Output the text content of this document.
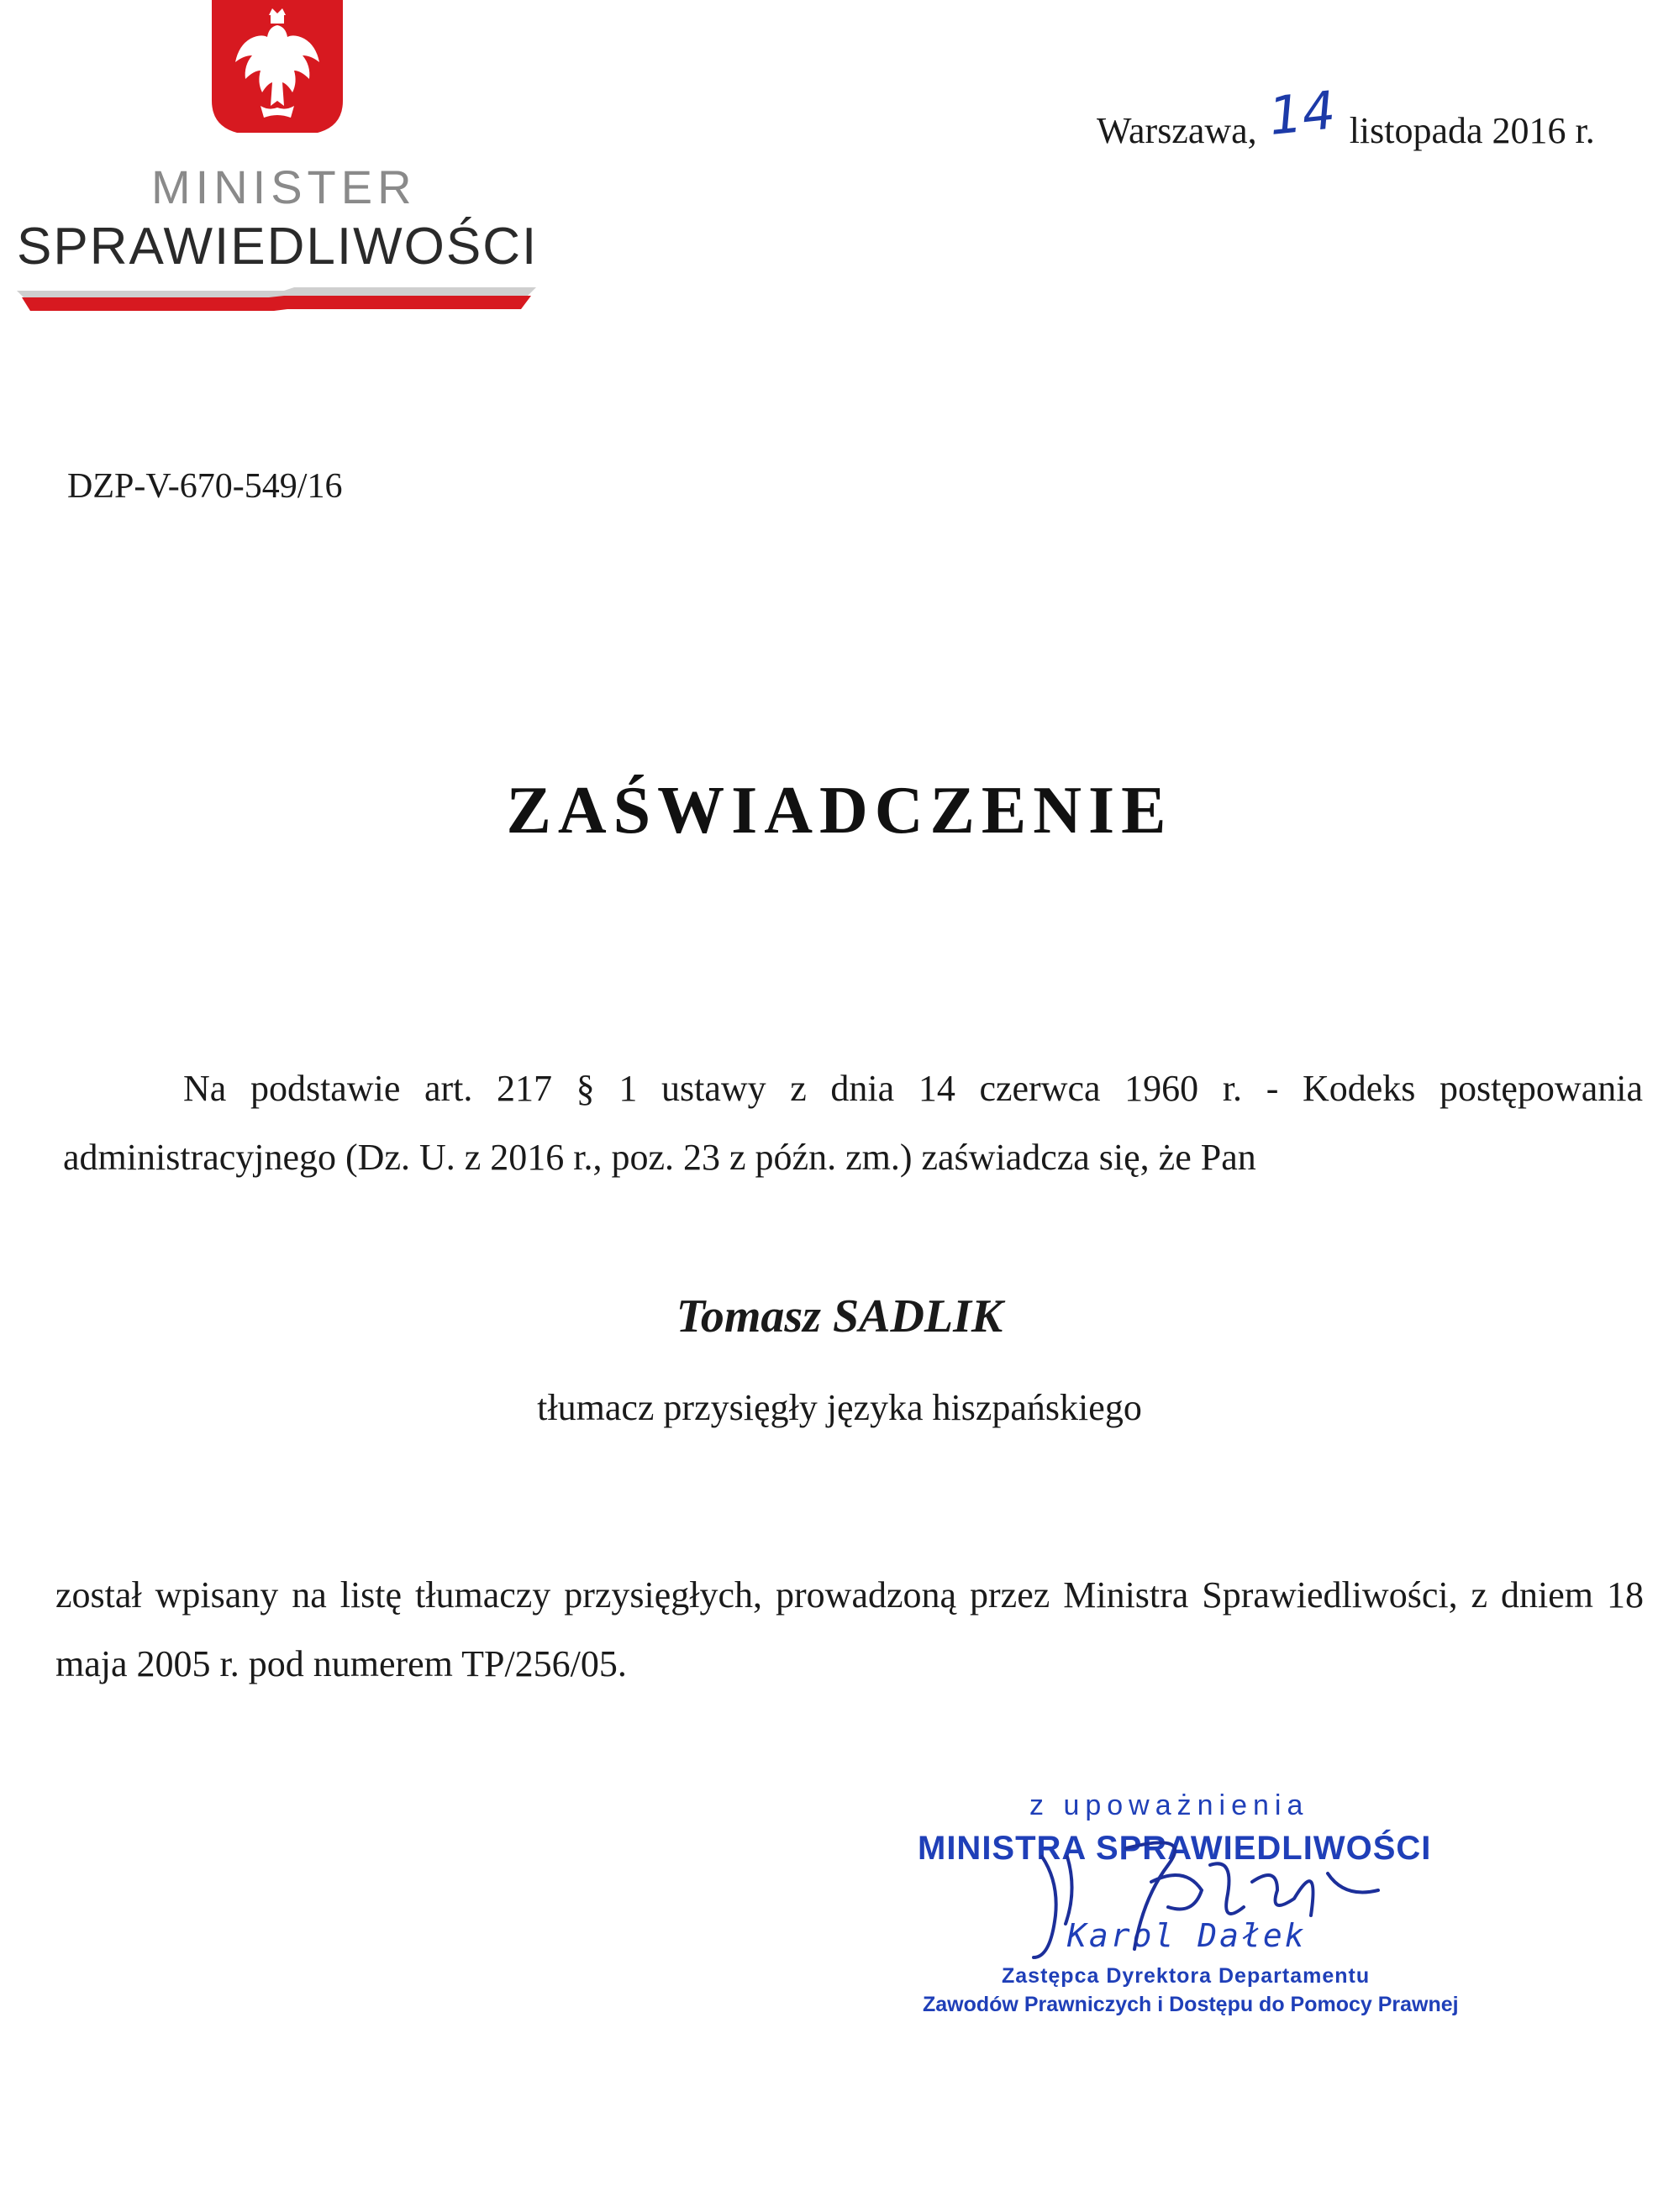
MINISTER
SPRAWIEDLIWOŚCI
Warszawa, 14 listopada 2016 r.
DZP-V-670-549/16
ZAŚWIADCZENIE
Na podstawie art. 217 § 1 ustawy z dnia 14 czerwca 1960 r. - Kodeks postępowania administracyjnego (Dz. U. z 2016 r., poz. 23 z późn. zm.) zaświadcza się, że Pan
Tomasz SADLIK
tłumacz przysięgły języka hiszpańskiego
został wpisany na listę tłumaczy przysięgłych, prowadzoną przez Ministra Sprawiedliwości, z dniem 18 maja 2005 r. pod numerem TP/256/05.
z upoważnienia
MINISTRA SPRAWIEDLIWOŚCI
Karol Dałek
Zastępca Dyrektora Departamentu
Zawodów Prawniczych i Dostępu do Pomocy Prawnej
